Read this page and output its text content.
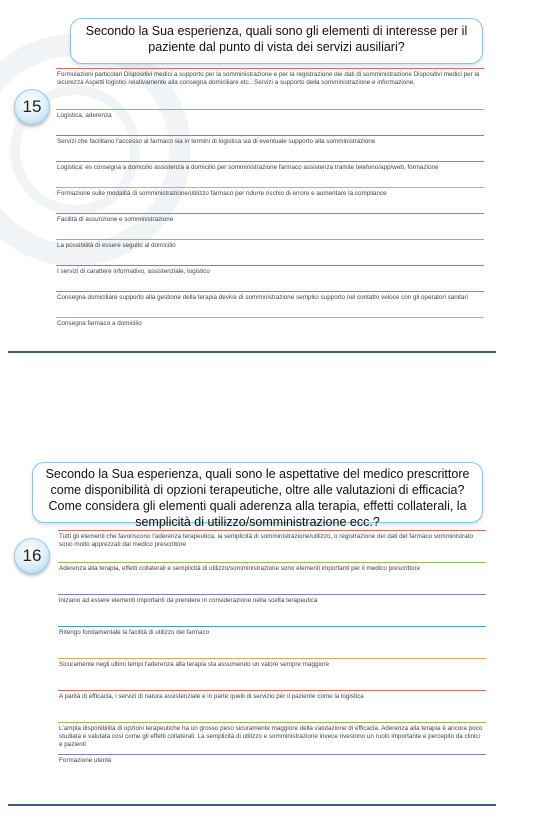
Secondo la Sua esperienza, quali sono gli elementi di interesse per il paziente dal punto di vista dei servizi ausiliari?
15
Formulazioni particolari Dispositivi medici a supporto per la somministrazione e per la registrazione dei dati di somministrazione Dispositivi medici per la sicurezza Aspetti logistici relativamente alla consegna domiciliare etc.. Servizi a supporto della somministrazione e informazione.
Logistica, aderenza
Servizi che facilitano l'accesso al farmaco sia in termini di logistica sia di eventuale supporto alla somministrazione
Logistica: es consegna a domicilio assistenza a domicilio per somministrazione farmaco assistenza tramite telefono/app/web, formazione
Formazione sulle modalità di somministrazione/utilizzo farmaco per ridurre rischio di errore e aumentare la compliance
Facilità di assunzione e somministrazione
La possibilità di essere seguito al domicilio
I servizi di carattere informativo, assistenziale, logistico
Consegna domiciliare supporto alla gestione della terapia device di somministrazione semplici supporto nel contatto veloce con gli operatori sanitari
Consegna farmaco a domicilio
Secondo la Sua esperienza, quali sono le aspettative del medico prescrittore come disponibilità di opzioni terapeutiche, oltre alle valutazioni di efficacia? Come considera gli elementi quali aderenza alla terapia, effetti collaterali, la semplicità di utilizzo/somministrazione ecc.?
16
Tutti gli elementi che favoriscono l'aderenza terapeutica, la semplicità di somministrazione/utilizzo, o registrazione dei dati del farmaco somministrato sono molto apprezzati dal medico prescrittore
Aderenza alla terapia, effetti collaterali e semplicità di utilizzo/somministrazione sono elementi importanti per il medico prescrittore
iniziano ad essere elementi importanti da prendere in considerazione nella scelta terapeutica
Ritengo fondamentale la facilità di utilizzo del farmaco
Sicuramente negli ultimi tempi l'aderenza alla terapia sta assumendo un valore sempre maggiore
A parità di efficacia, i servizi di natura assistenziale e in parte quelli di servizio per il paziente come la logistica
L'ampia disponibilità di opzioni terapeutiche ha un grosso peso sicuramente maggiore della valutazione di efficacia. Aderenza alla terapia è ancora poco studiata e valutata così come gli effetti collaterali. La semplicità di utilizzo e somministrazione invece rivestono un ruolo importante e percepito da clinici e pazienti
Formazione utente
